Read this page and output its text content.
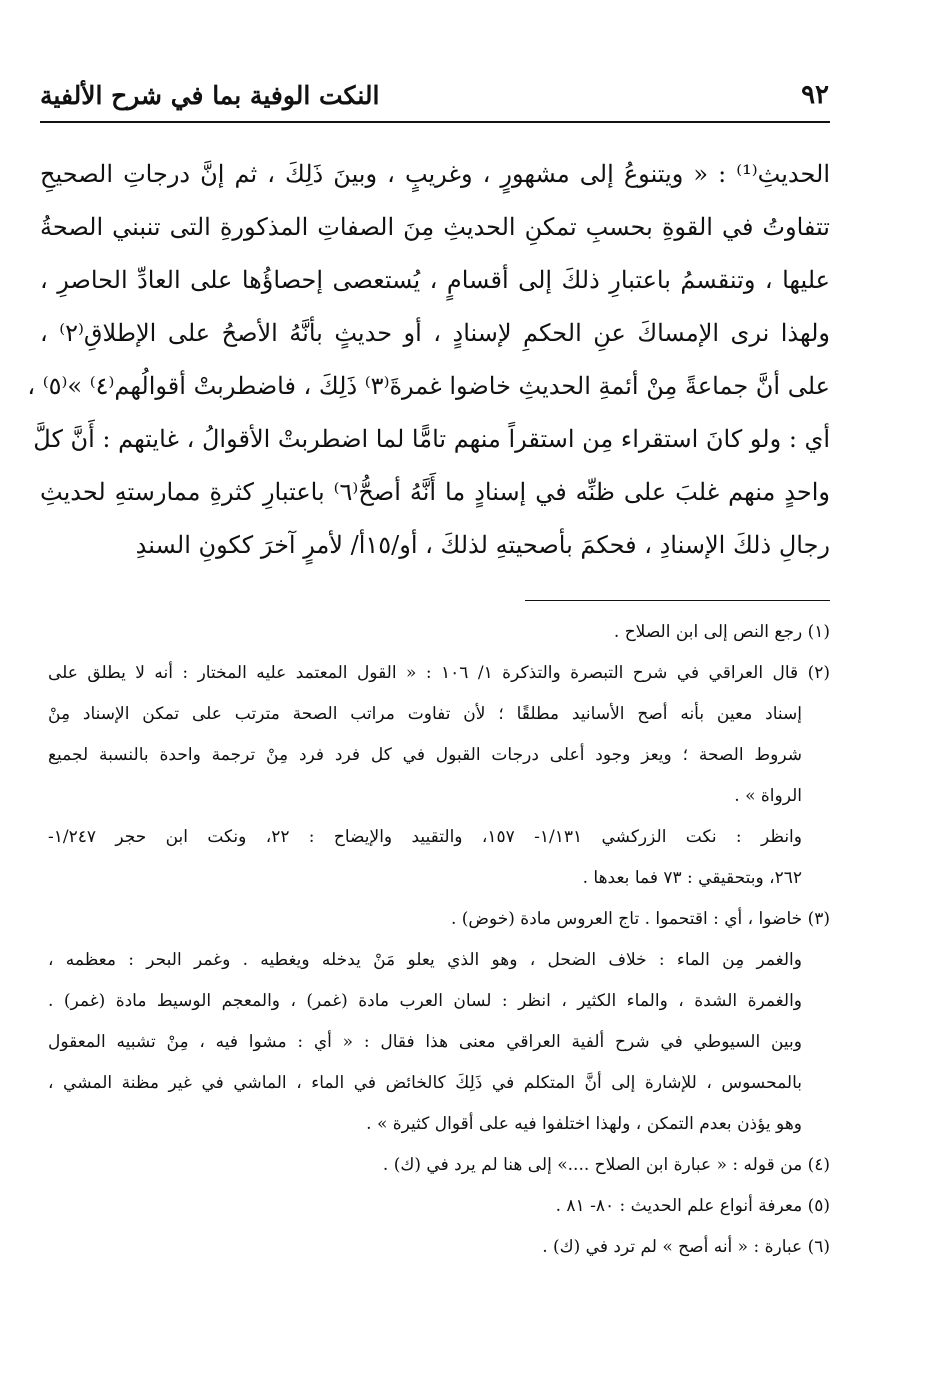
٩٢
النكت الوفية بما في شرح الألفية

الحديثِ⁽¹⁾ : « ويتنوعُ إلى مشهورٍ ، وغريبٍ ، وبينَ ذَلِكَ ، ثم إنَّ درجاتِ الصحيحِ

تتفاوتُ في القوةِ بحسبِ تمكنِ الحديثِ مِنَ الصفاتِ المذكورةِ التى تنبني الصحةُ

عليها ، وتنقسمُ باعتبارِ ذلكَ إلى أقسامٍ ، يُستعصى إحصاؤُها على العادِّ الحاصرِ ،

ولهذا نرى الإمساكَ عنِ الحكمِ لإسنادٍ ، أو حديثٍ بأنَّهُ الأصحُ على الإطلاقِ⁽٢⁾ ،

على أنَّ جماعةً مِنْ أئمةِ الحديثِ خاضوا غمرةَ⁽٣⁾ ذَلِكَ ، فاضطربتْ أقوالُهم⁽٤⁾ »⁽٥⁾ ،

أي : ولو كانَ استقراء مِن استقراً منهم تامًّا لما اضطربتْ الأقوالُ ، غايتهم : أَنَّ كلَّ

واحدٍ منهم غلبَ على ظنِّه في إسنادٍ ما أَنَّهُ أصحُّ⁽٦⁾ باعتبارِ كثرةِ ممارستهِ لحديثِ

رجالِ ذلكَ الإسنادِ ، فحكمَ بأصحيتهِ لذلكَ ، أو/١٥أ/ لأمرٍ آخرَ ككونِ السندِ

(١) رجع النص إلى ابن الصلاح .

(٢) قال العراقي في شرح التبصرة والتذكرة ١/ ١٠٦ : « القول المعتمد عليه المختار : أنه لا يطلق على

إسناد معين بأنه أصح الأسانيد مطلقًا ؛ لأن تفاوت مراتب الصحة مترتب على تمكن الإسناد مِنْ

شروط الصحة ؛ ويعز وجود أعلى درجات القبول في كل فرد فرد مِنْ ترجمة واحدة بالنسبة لجميع

الرواة » .

وانظر : نكت الزركشي ١/١٣١- ١٥٧، والتقييد والإيضاح : ٢٢، ونكت ابن حجر ١/٢٤٧-

٢٦٢، وبتحقيقي : ٧٣ فما بعدها .

(٣) خاضوا ، أي : اقتحموا . تاج العروس مادة (خوض) .

والغمر مِن الماء : خلاف الضحل ، وهو الذي يعلو مَنْ يدخله ويغطيه . وغمر البحر : معظمه ،

والغمرة الشدة ، والماء الكثير ، انظر : لسان العرب مادة (غمر) ، والمعجم الوسيط مادة (غمر) .

وبين السيوطي في شرح ألفية العراقي معنى هذا فقال : « أي : مشوا فيه ، مِنْ تشبيه المعقول

بالمحسوس ، للإشارة إلى أنَّ المتكلم في ذَلِكَ كالخائض في الماء ، الماشي في غير مظنة المشي ،

وهو يؤذن بعدم التمكن ، ولهذا اختلفوا فيه على أقوال كثيرة » .

(٤) من قوله : « عبارة ابن الصلاح ....» إلى هنا لم يرد في (ك) .

(٥) معرفة أنواع علم الحديث : ٨٠- ٨١ .

(٦) عبارة : « أنه أصح » لم ترد في (ك) .
